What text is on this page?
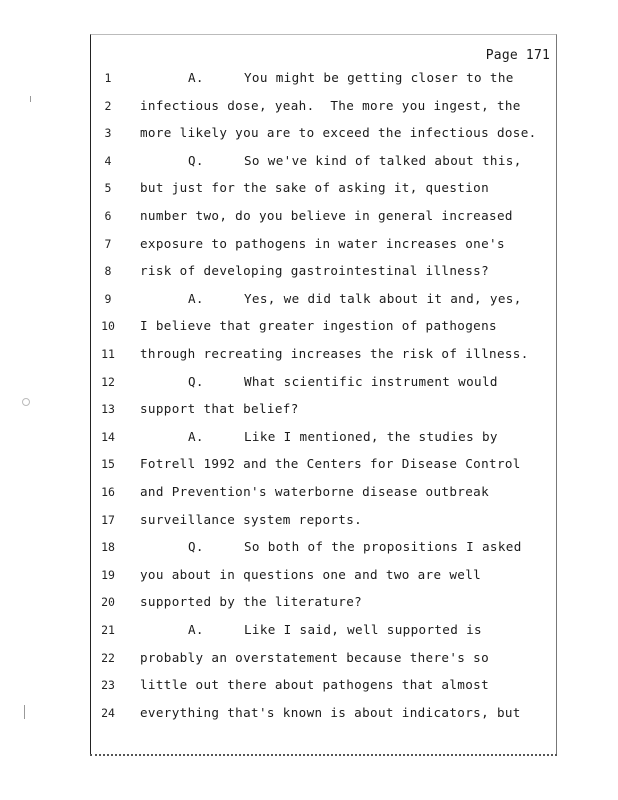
Page 171
1	A.	You might be getting closer to the
2	infectious dose, yeah.  The more you ingest, the
3	more likely you are to exceed the infectious dose.
4	Q.	So we've kind of talked about this,
5	but just for the sake of asking it, question
6	number two, do you believe in general increased
7	exposure to pathogens in water increases one's
8	risk of developing gastrointestinal illness?
9	A.	Yes, we did talk about it and, yes,
10	I believe that greater ingestion of pathogens
11	through recreating increases the risk of illness.
12	Q.	What scientific instrument would
13	support that belief?
14	A.	Like I mentioned, the studies by
15	Fotrell 1992 and the Centers for Disease Control
16	and Prevention's waterborne disease outbreak
17	surveillance system reports.
18	Q.	So both of the propositions I asked
19	you about in questions one and two are well
20	supported by the literature?
21	A.	Like I said, well supported is
22	probably an overstatement because there's so
23	little out there about pathogens that almost
24	everything that's known is about indicators, but
